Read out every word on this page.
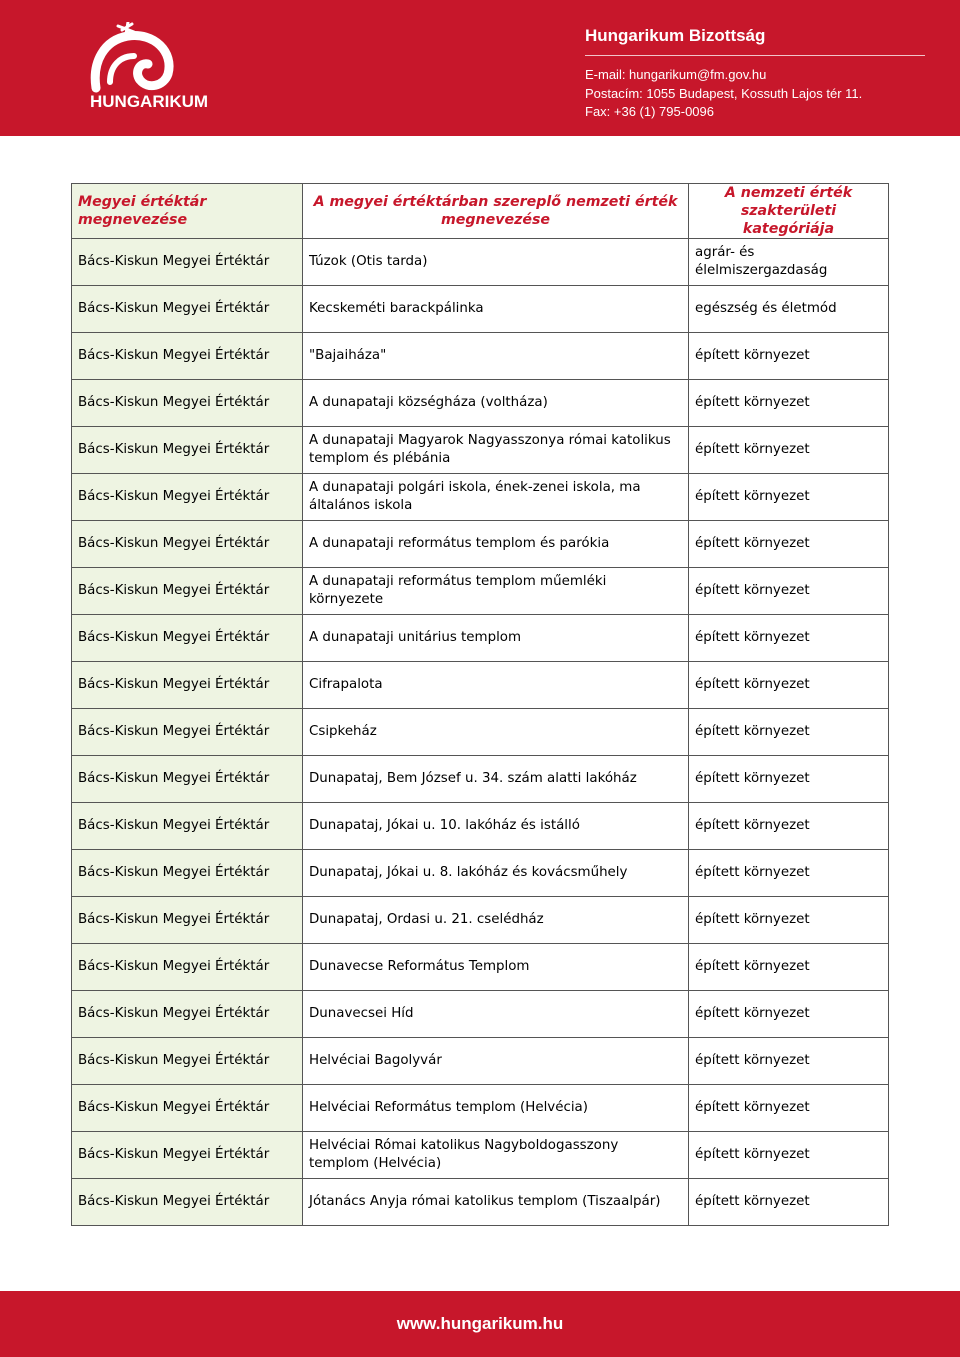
HUNGARIKUM
Hungarikum Bizottság
E-mail: hungarikum@fm.gov.hu
Postacím: 1055 Budapest, Kossuth Lajos tér 11.
Fax: +36 (1) 795-0096
Megyei értéktár megnevezése	A megyei értéktárban szereplő nemzeti érték megnevezése	A nemzeti érték szakterületi kategóriája
Bács-Kiskun Megyei Értéktár	Túzok (Otis tarda)	agrár- és élelmiszergazdaság
Bács-Kiskun Megyei Értéktár	Kecskeméti barackpálinka	egészség és életmód
Bács-Kiskun Megyei Értéktár	"Bajaiháza"	épített környezet
Bács-Kiskun Megyei Értéktár	A dunapataji községháza (voltháza)	épített környezet
Bács-Kiskun Megyei Értéktár	A dunapataji Magyarok Nagyasszonya római katolikus templom és plébánia	épített környezet
Bács-Kiskun Megyei Értéktár	A dunapataji polgári iskola, ének-zenei iskola, ma általános iskola	épített környezet
Bács-Kiskun Megyei Értéktár	A dunapataji református templom és parókia	épített környezet
Bács-Kiskun Megyei Értéktár	A dunapataji református templom műemléki környezete	épített környezet
Bács-Kiskun Megyei Értéktár	A dunapataji unitárius templom	épített környezet
Bács-Kiskun Megyei Értéktár	Cifrapalota	épített környezet
Bács-Kiskun Megyei Értéktár	Csipkeház	épített környezet
Bács-Kiskun Megyei Értéktár	Dunapataj, Bem József u. 34. szám alatti lakóház	épített környezet
Bács-Kiskun Megyei Értéktár	Dunapataj, Jókai u. 10. lakóház és istálló	épített környezet
Bács-Kiskun Megyei Értéktár	Dunapataj, Jókai u. 8. lakóház és kovácsműhely	épített környezet
Bács-Kiskun Megyei Értéktár	Dunapataj, Ordasi u. 21. cselédház	épített környezet
Bács-Kiskun Megyei Értéktár	Dunavecse Református Templom	épített környezet
Bács-Kiskun Megyei Értéktár	Dunavecsei Híd	épített környezet
Bács-Kiskun Megyei Értéktár	Helvéciai Bagolyvár	épített környezet
Bács-Kiskun Megyei Értéktár	Helvéciai Református templom (Helvécia)	épített környezet
Bács-Kiskun Megyei Értéktár	Helvéciai Római katolikus Nagyboldogasszony templom (Helvécia)	épített környezet
Bács-Kiskun Megyei Értéktár	Jótanács Anyja római katolikus templom (Tiszaalpár)	épített környezet
www.hungarikum.hu
